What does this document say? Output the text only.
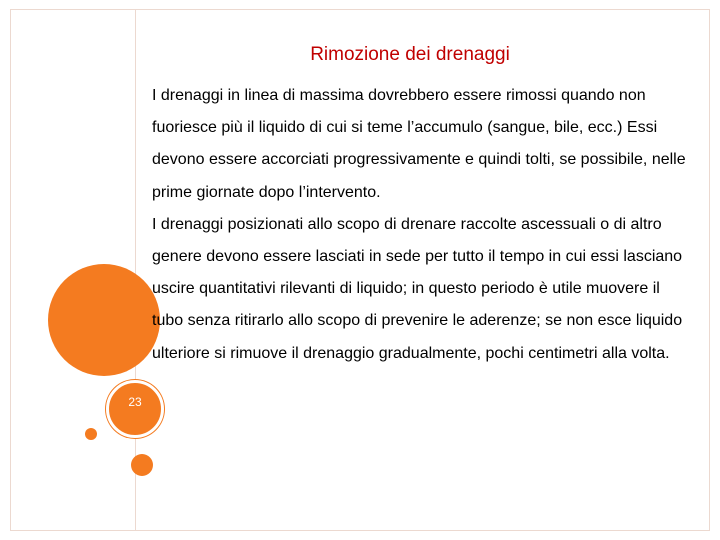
23
Rimozione dei drenaggi

I drenaggi in linea di massima dovrebbero essere rimossi quando non fuoriesce più il liquido di cui si teme l’accumulo (sangue, bile, ecc.) Essi devono essere accorciati progressivamente e quindi tolti, se possibile, nelle prime giornate dopo l’intervento.

I drenaggi posizionati allo scopo di drenare raccolte ascessuali o di altro genere devono essere lasciati in sede per tutto il tempo in cui essi lasciano uscire quantitativi rilevanti di liquido; in questo periodo è utile muovere il tubo senza ritirarlo allo scopo di prevenire le aderenze; se non esce liquido ulteriore si rimuove il drenaggio gradualmente, pochi centimetri alla volta.
